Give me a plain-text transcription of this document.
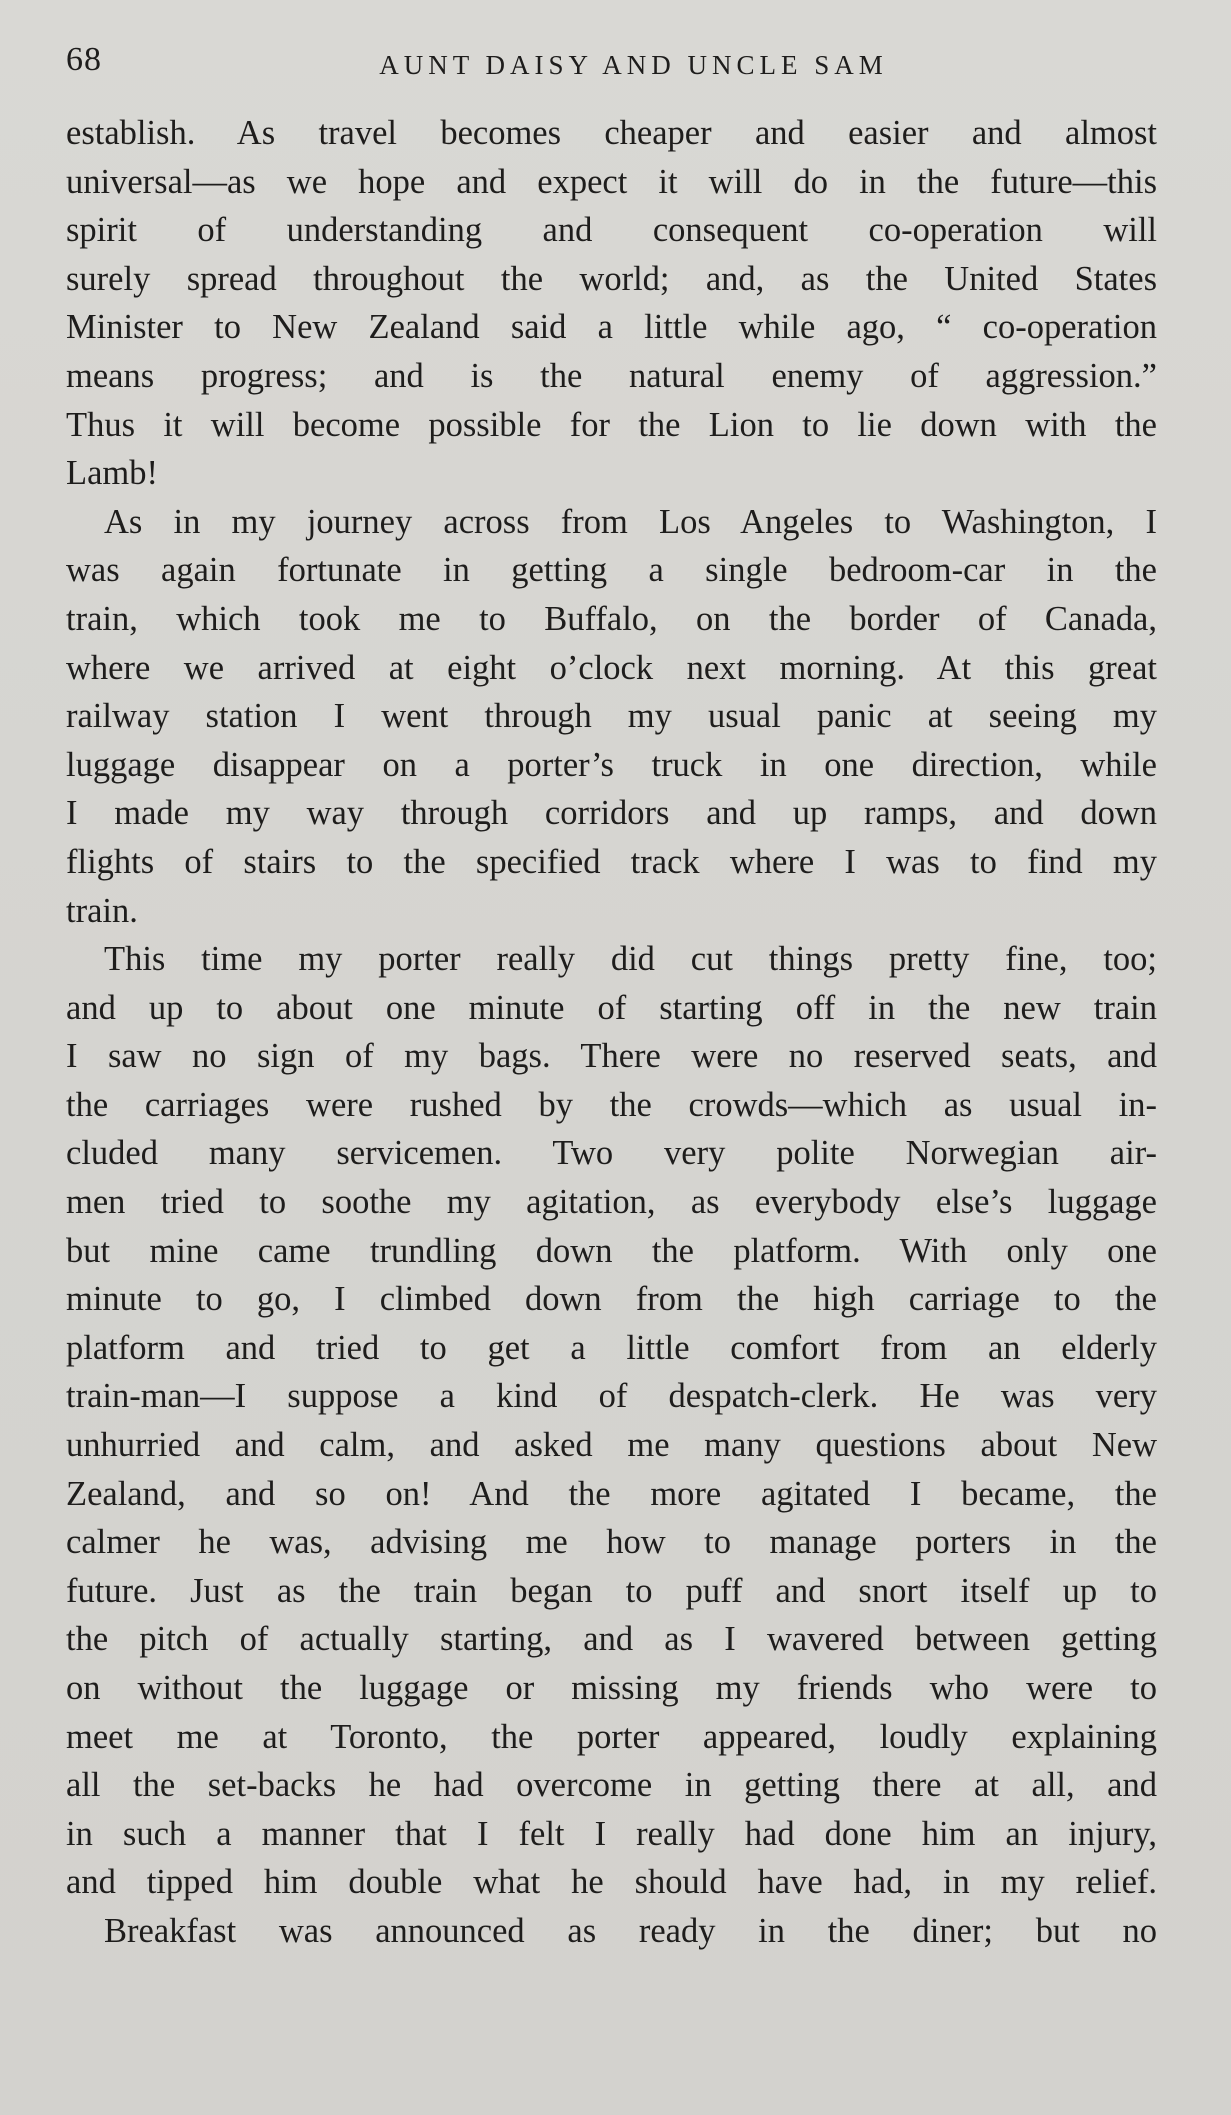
68	AUNT DAISY AND UNCLE SAM
establish. As travel becomes cheaper and easier and almost
universal—as we hope and expect it will do in the future—this
spirit of understanding and consequent co-operation will
surely spread throughout the world; and, as the United States
Minister to New Zealand said a little while ago, “ co-operation
means progress; and is the natural enemy of aggression.”
Thus it will become possible for the Lion to lie down with the
Lamb!
As in my journey across from Los Angeles to Washington, I
was again fortunate in getting a single bedroom-car in the
train, which took me to Buffalo, on the border of Canada,
where we arrived at eight o’clock next morning. At this great
railway station I went through my usual panic at seeing my
luggage disappear on a porter’s truck in one direction, while
I made my way through corridors and up ramps, and down
flights of stairs to the specified track where I was to find my
train.
This time my porter really did cut things pretty fine, too;
and up to about one minute of starting off in the new train
I saw no sign of my bags. There were no reserved seats, and
the carriages were rushed by the crowds—which as usual in-
cluded many servicemen. Two very polite Norwegian air-
men tried to soothe my agitation, as everybody else’s luggage
but mine came trundling down the platform. With only one
minute to go, I climbed down from the high carriage to the
platform and tried to get a little comfort from an elderly
train-man—I suppose a kind of despatch-clerk. He was very
unhurried and calm, and asked me many questions about New
Zealand, and so on! And the more agitated I became, the
calmer he was, advising me how to manage porters in the
future. Just as the train began to puff and snort itself up to
the pitch of actually starting, and as I wavered between getting
on without the luggage or missing my friends who were to
meet me at Toronto, the porter appeared, loudly explaining
all the set-backs he had overcome in getting there at all, and
in such a manner that I felt I really had done him an injury,
and tipped him double what he should have had, in my relief.
Breakfast was announced as ready in the diner; but no
